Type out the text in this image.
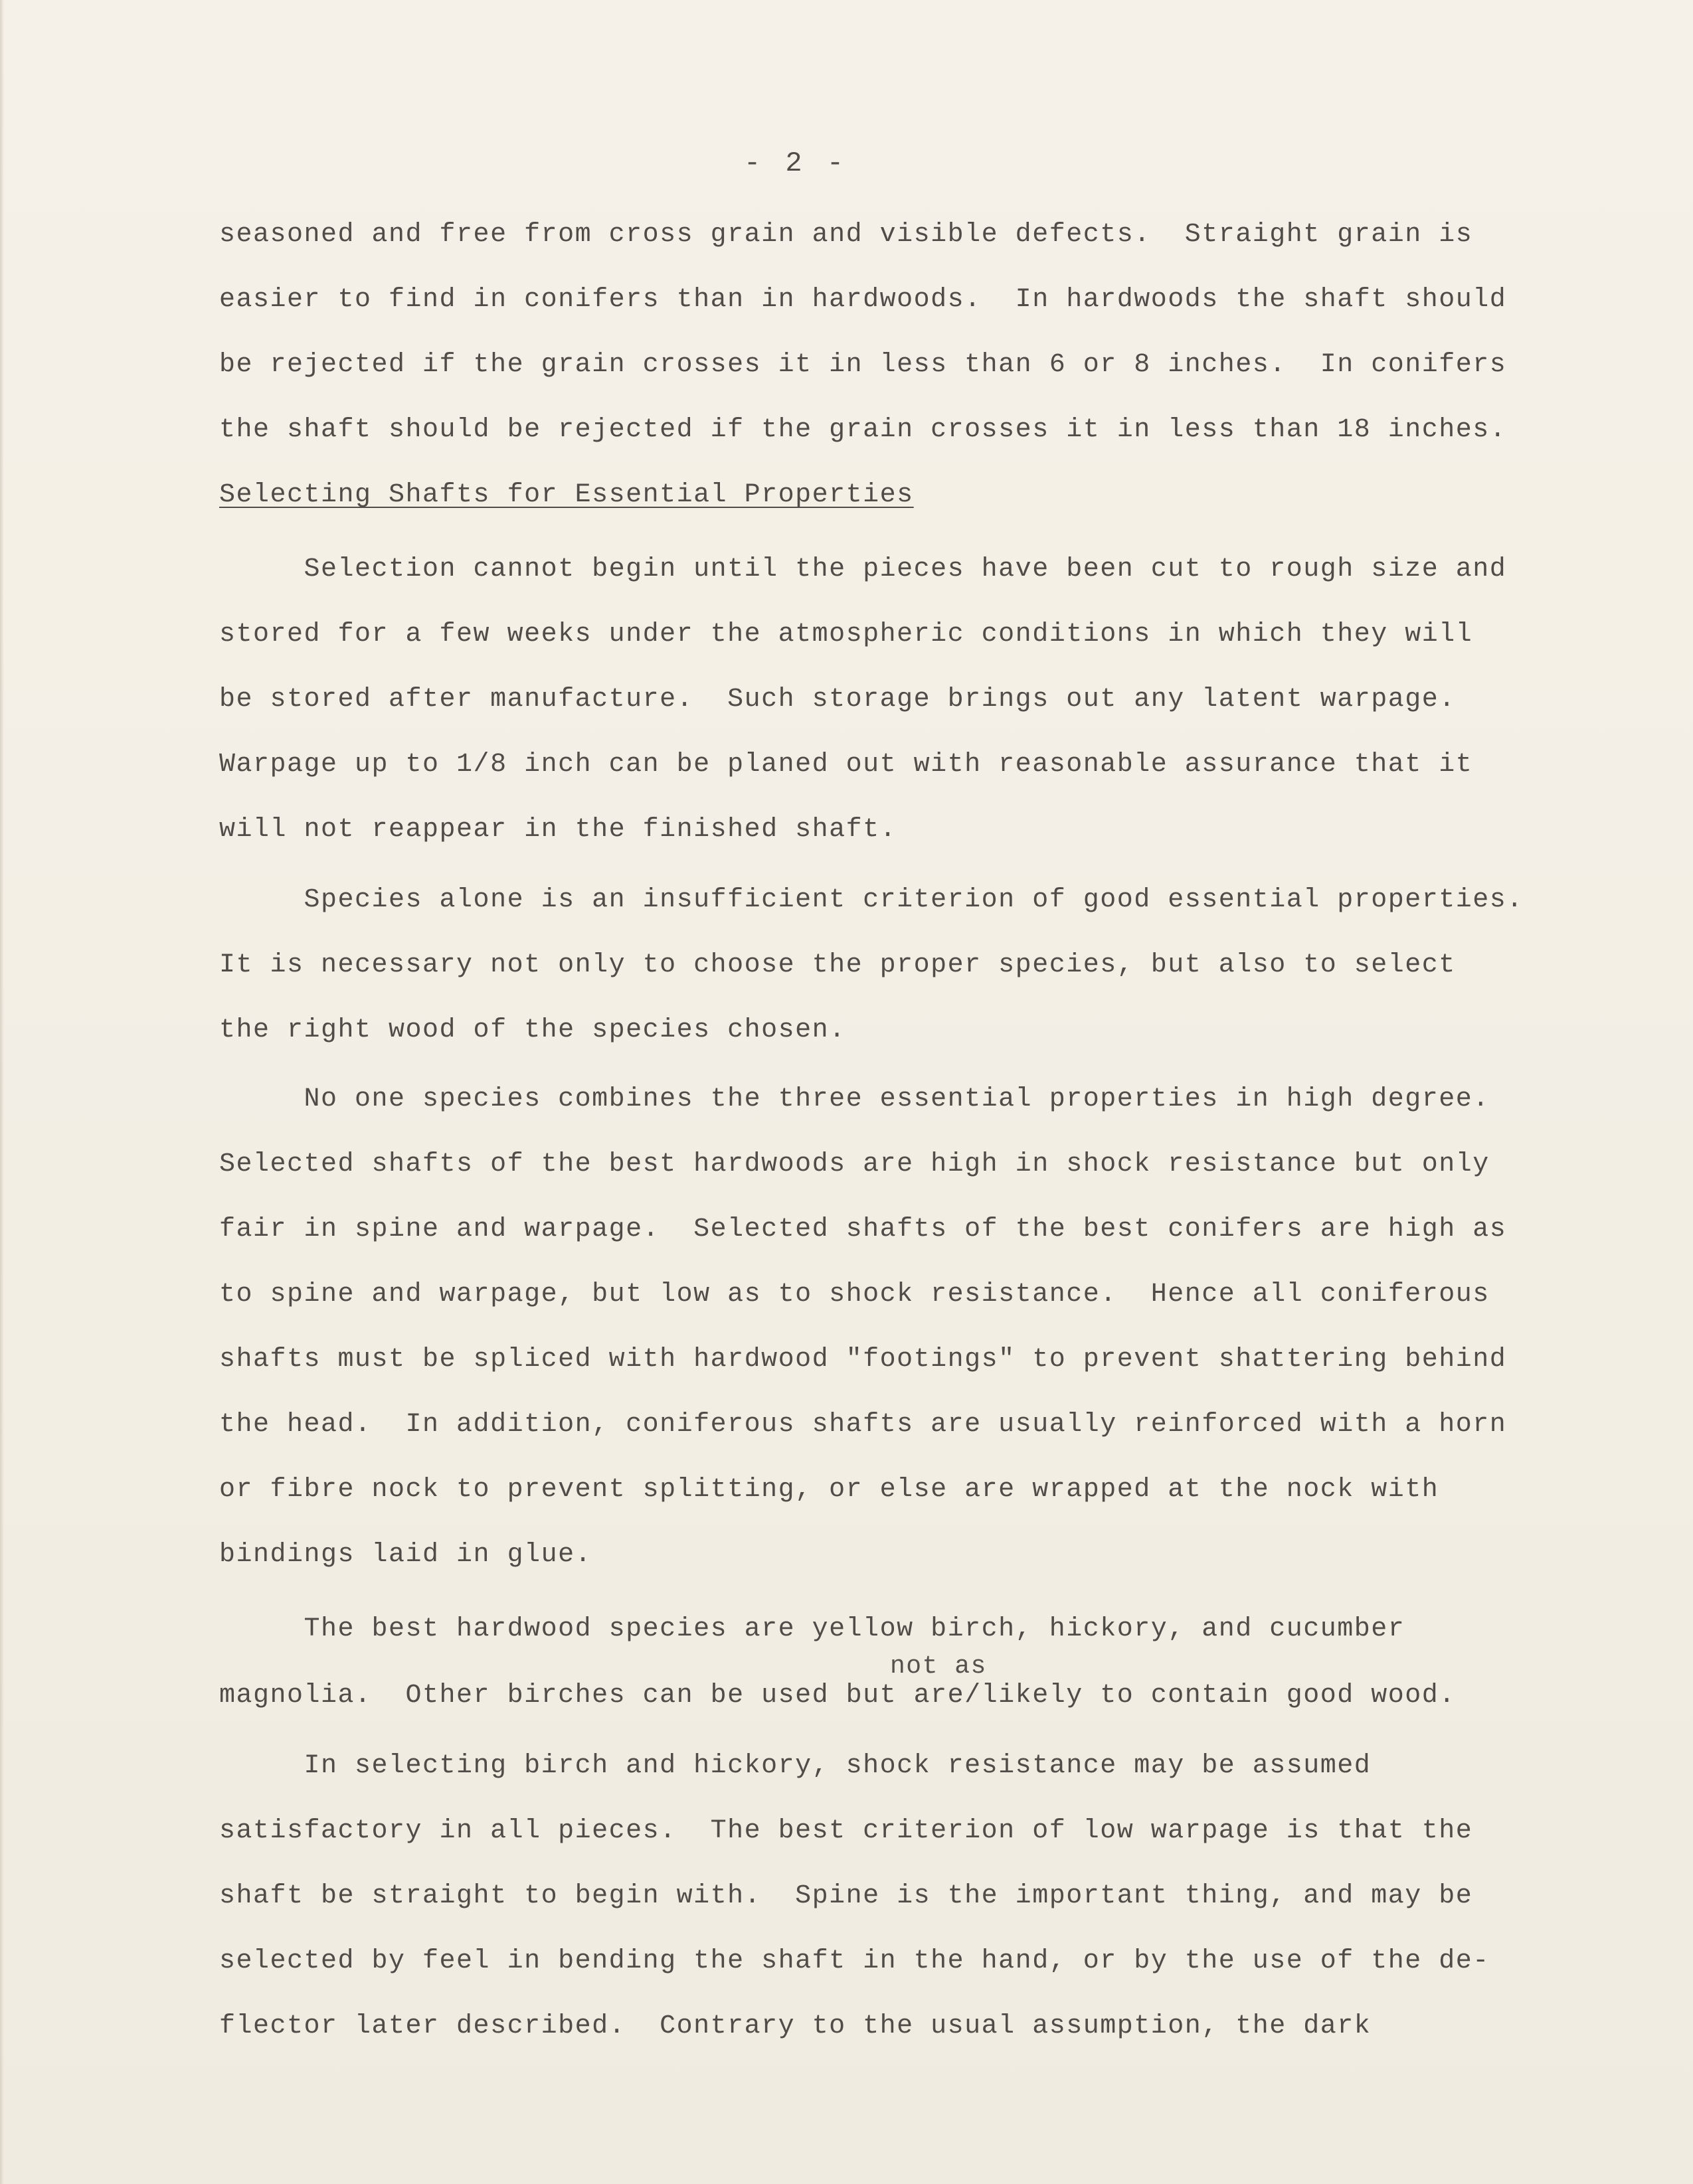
- 2 -
seasoned and free from cross grain and visible defects.  Straight grain is
easier to find in conifers than in hardwoods.  In hardwoods the shaft should
be rejected if the grain crosses it in less than 6 or 8 inches.  In conifers
the shaft should be rejected if the grain crosses it in less than 18 inches.
Selecting Shafts for Essential Properties
Selection cannot begin until the pieces have been cut to rough size and
stored for a few weeks under the atmospheric conditions in which they will
be stored after manufacture.  Such storage brings out any latent warpage.
Warpage up to 1/8 inch can be planed out with reasonable assurance that it
will not reappear in the finished shaft.
Species alone is an insufficient criterion of good essential properties.
It is necessary not only to choose the proper species, but also to select
the right wood of the species chosen.
No one species combines the three essential properties in high degree.
Selected shafts of the best hardwoods are high in shock resistance but only
fair in spine and warpage.  Selected shafts of the best conifers are high as
to spine and warpage, but low as to shock resistance.  Hence all coniferous
shafts must be spliced with hardwood "footings" to prevent shattering behind
the head.  In addition, coniferous shafts are usually reinforced with a horn
or fibre nock to prevent splitting, or else are wrapped at the nock with
bindings laid in glue.
The best hardwood species are yellow birch, hickory, and cucumber
not as
magnolia.  Other birches can be used but are/likely to contain good wood.
In selecting birch and hickory, shock resistance may be assumed
satisfactory in all pieces.  The best criterion of low warpage is that the
shaft be straight to begin with.  Spine is the important thing, and may be
selected by feel in bending the shaft in the hand, or by the use of the de-
flector later described.  Contrary to the usual assumption, the dark
